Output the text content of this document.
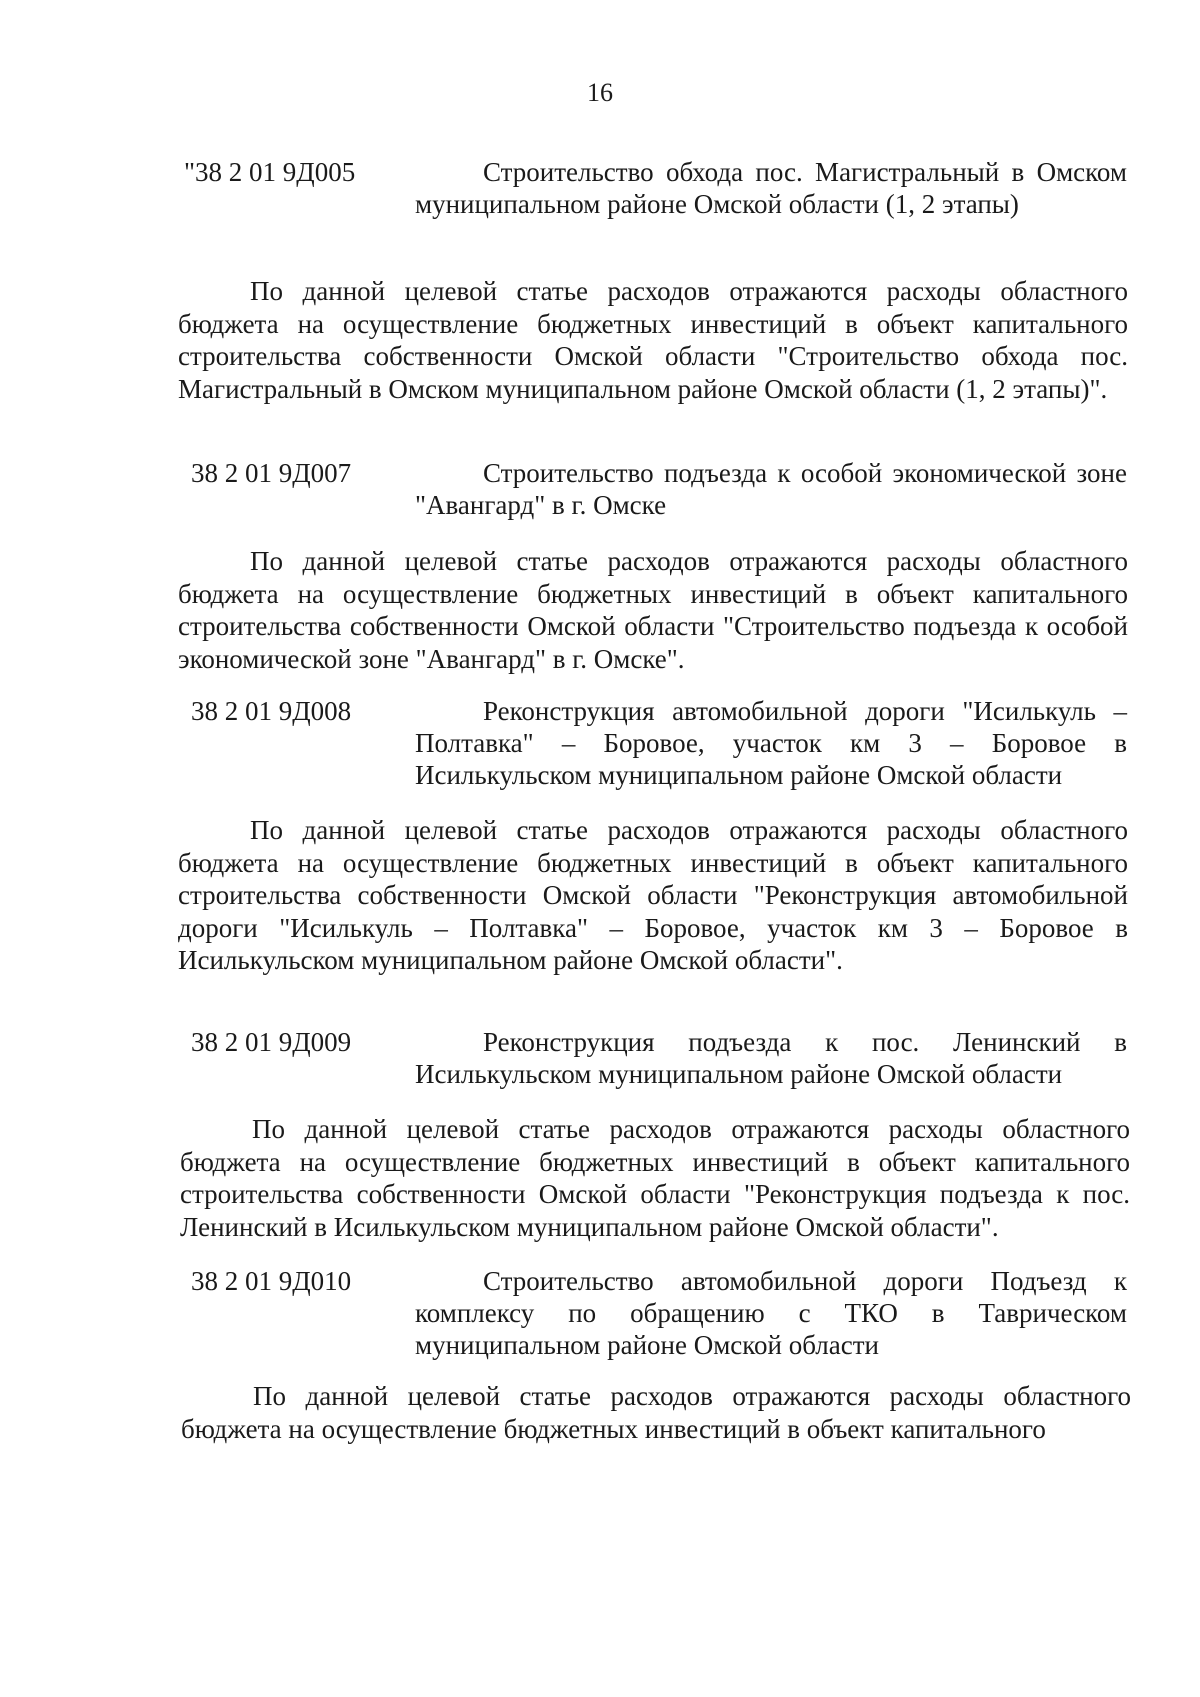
16
"38 2 01 9Д005	Строительство обхода пос. Магистральный в Омском муниципальном районе Омской области (1, 2 этапы)
По данной целевой статье расходов отражаются расходы областного бюджета на осуществление бюджетных инвестиций в объект капитального строительства собственности Омской области "Строительство обхода пос. Магистральный в Омском муниципальном районе Омской области (1, 2 этапы)".
38 2 01 9Д007	Строительство подъезда к особой экономической зоне "Авангард" в г. Омске
По данной целевой статье расходов отражаются расходы областного бюджета на осуществление бюджетных инвестиций в объект капитального строительства собственности Омской области "Строительство подъезда к особой экономической зоне "Авангард" в г. Омске".
38 2 01 9Д008	Реконструкция автомобильной дороги "Исилькуль – Полтавка" – Боровое, участок км 3 – Боровое в Исилькульском муниципальном районе Омской области
По данной целевой статье расходов отражаются расходы областного бюджета на осуществление бюджетных инвестиций в объект капитального строительства собственности Омской области "Реконструкция автомобильной дороги "Исилькуль – Полтавка" – Боровое, участок км 3 – Боровое в Исилькульском муниципальном районе Омской области".
38 2 01 9Д009	Реконструкция подъезда к пос. Ленинский в Исилькульском муниципальном районе Омской области
По данной целевой статье расходов отражаются расходы областного бюджета на осуществление бюджетных инвестиций в объект капитального строительства собственности Омской области "Реконструкция подъезда к пос. Ленинский в Исилькульском муниципальном районе Омской области".
38 2 01 9Д010	Строительство автомобильной дороги Подъезд к комплексу по обращению с ТКО в Таврическом муниципальном районе Омской области
По данной целевой статье расходов отражаются расходы областного бюджета на осуществление бюджетных инвестиций в объект капитального
